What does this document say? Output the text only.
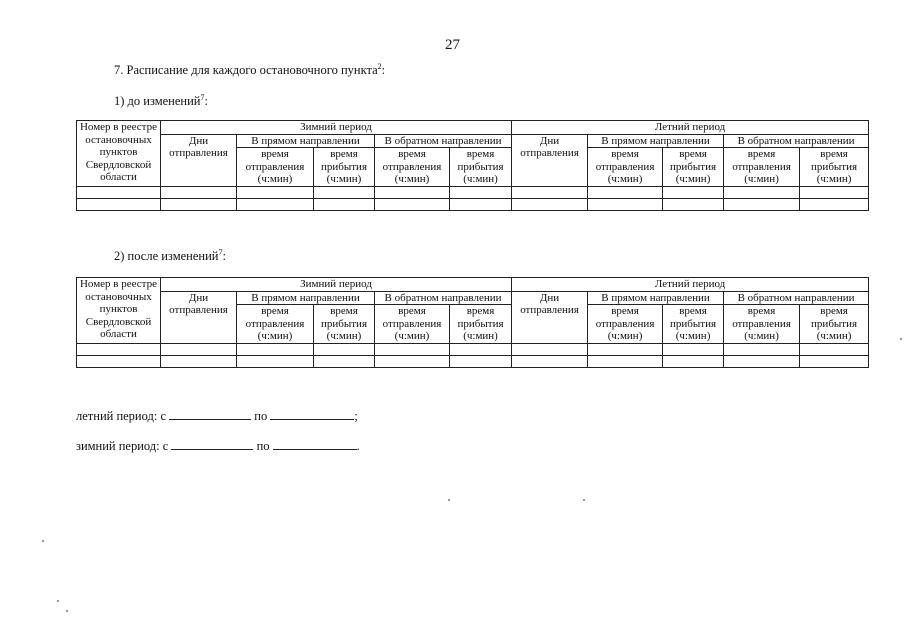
27
7. Расписание для каждого остановочного пункта$^2$:
1) до изменений$^7$:
Номер в реестре остановочных пунктов Свердловской области	Зимний период					Летний период				
	Дни отправления	В прямом направлении		В обратном направлении		Дни отправления	В прямом направлении		В обратном направлении	
		время отправления (ч:мин)	время прибытия (ч:мин)	время отправления (ч:мин)	время прибытия (ч:мин)		время отправления (ч:мин)	время прибытия (ч:мин)	время отправления (ч:мин)	время прибытия (ч:мин)

2) после изменений$^7$:
Номер в реестре остановочных пунктов Свердловской области	Зимний период					Летний период				
	Дни отправления	В прямом направлении		В обратном направлении		Дни отправления	В прямом направлении		В обратном направлении	
		время отправления (ч:мин)	время прибытия (ч:мин)	время отправления (ч:мин)	время прибытия (ч:мин)		время отправления (ч:мин)	время прибытия (ч:мин)	время отправления (ч:мин)	время прибытия (ч:мин)

летний период: с	по	;
зимний период: с	по	.
